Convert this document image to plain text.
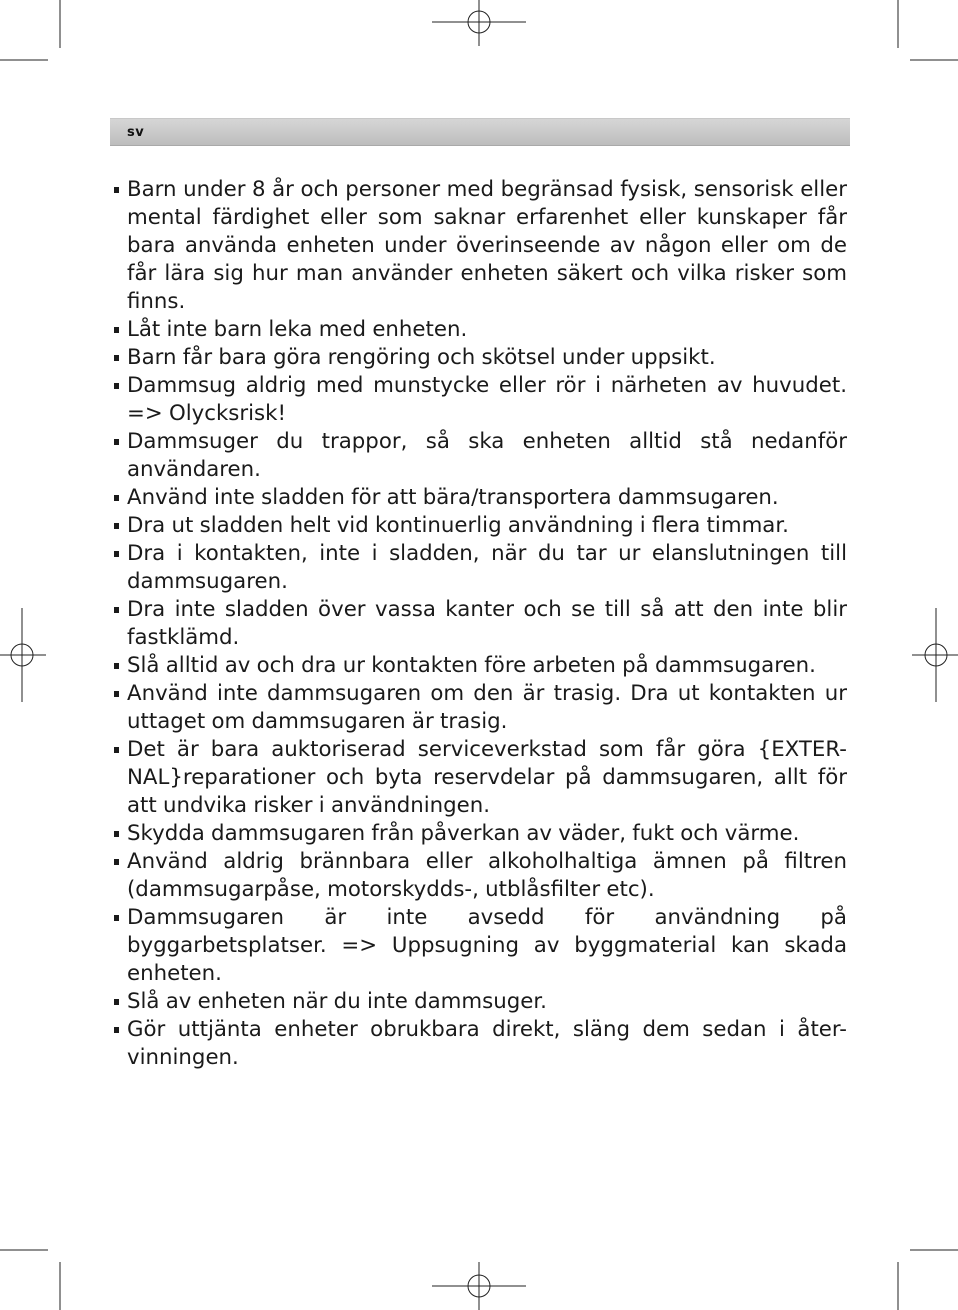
sv
Barn under 8 år och personer med begränsad fysisk, sensorisk eller mental färdighet eller som saknar erfarenhet eller kunskaper får bara använda enheten under överinseende av någon eller om de får lära sig hur man använder enheten säkert och vilka risker som finns.
Låt inte barn leka med enheten.
Barn får bara göra rengöring och skötsel under uppsikt.
Dammsug aldrig med munstycke eller rör i närheten av huvudet. => Olycksrisk!
Dammsuger du trappor, så ska enheten alltid stå nedanför användaren.
Använd inte sladden för att bära/transportera dammsugaren.
Dra ut sladden helt vid kontinuerlig användning i flera timmar.
Dra i kontakten, inte i sladden, när du tar ur elanslutningen till dammsugaren.
Dra inte sladden över vassa kanter och se till så att den inte blir fastklämd.
Slå alltid av och dra ur kontakten före arbeten på dammsugaren.
Använd inte dammsugaren om den är trasig. Dra ut kontakten ur uttaget om dammsugaren är trasig.
Det är bara auktoriserad serviceverkstad som får göra {EXTER-NAL}reparationer och byta reservdelar på dammsugaren, allt för att undvika risker i användningen.
Skydda dammsugaren från påverkan av väder, fukt och värme.
Använd aldrig brännbara eller alkoholhaltiga ämnen på filtren (dammsugarpåse, motorskydds-, utblåsfilter etc).
Dammsugaren är inte avsedd för användning på byggarbetsplatser. => Uppsugning av byggmaterial kan skada enheten.
Slå av enheten när du inte dammsuger.
Gör uttjänta enheter obrukbara direkt, släng dem sedan i åter-vinningen.
